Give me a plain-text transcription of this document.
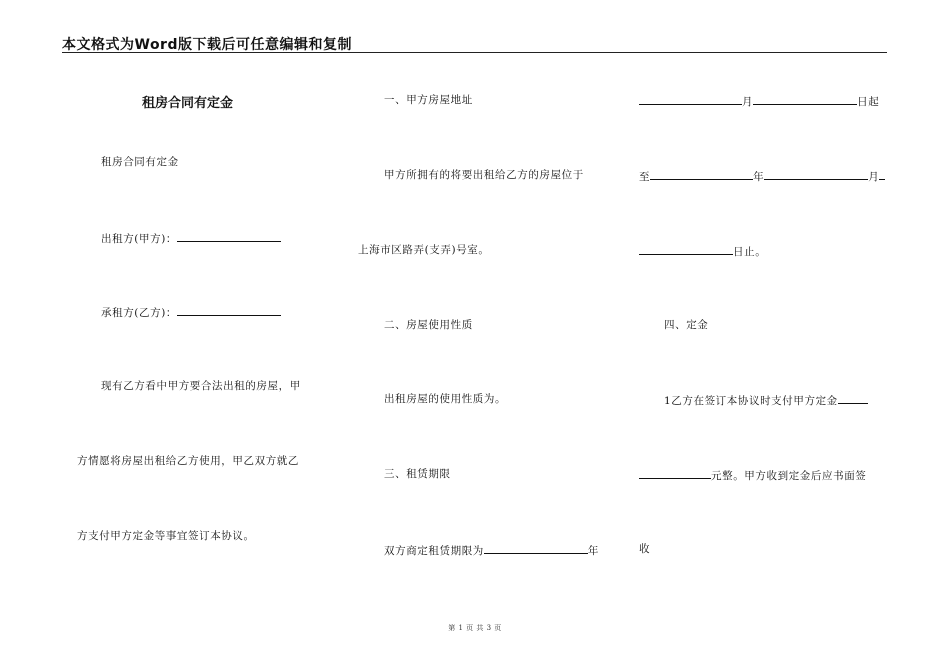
本文格式为Word版下载后可任意编辑和复制
租房合同有定金
租房合同有定金
出租方(甲方)：
承租方(乙方)：
现有乙方看中甲方要合法出租的房屋，甲
方情愿将房屋出租给乙方使用，甲乙双方就乙
方支付甲方定金等事宜签订本协议。
一、甲方房屋地址
甲方所拥有的将要出租给乙方的房屋位于
上海市区路弄(支弄)号室。
二、房屋使用性质
出租房屋的使用性质为。
三、租赁期限
双方商定租赁期限为	年
月	日起
至	年	月
日止。
四、定金
1乙方在签订本协议时支付甲方定金
元整。甲方收到定金后应书面签
收
第 1 页 共 3 页
